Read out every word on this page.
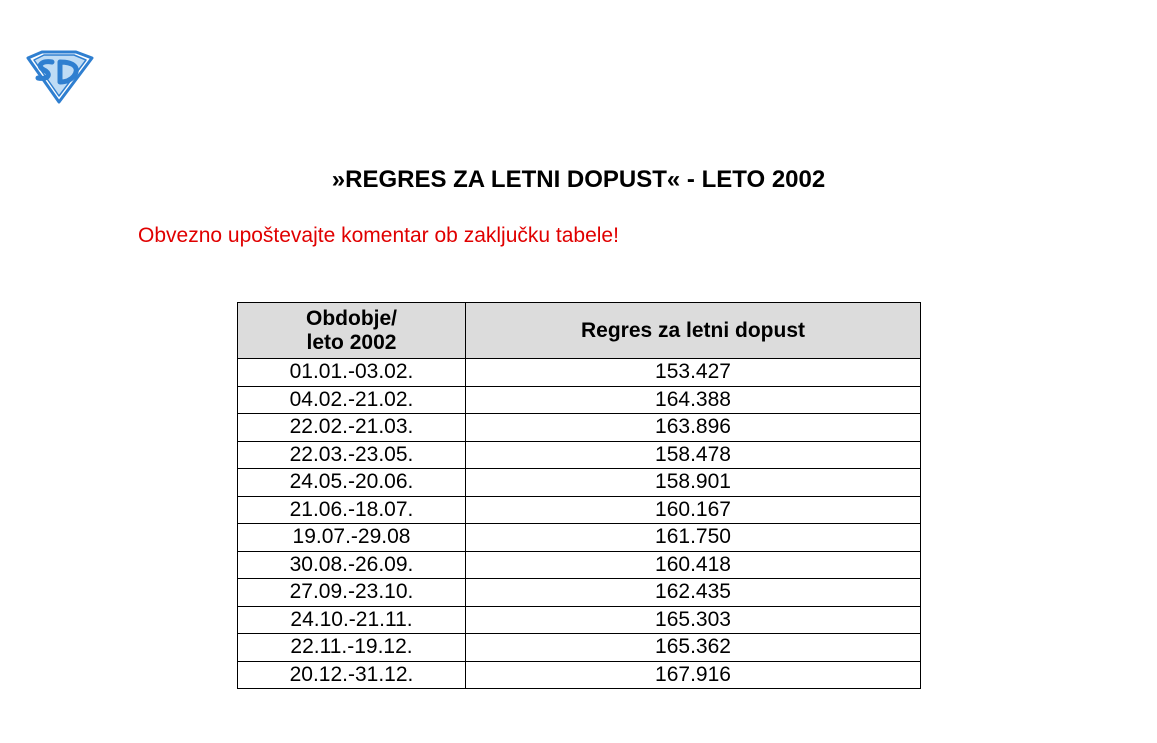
»REGRES ZA LETNI DOPUST« - LETO 2002

Obvezno upoštevajte komentar ob zaključku tabele!

Obdobje/
leto 2002	Regres za letni dopust
01.01.-03.02.	153.427
04.02.-21.02.	164.388
22.02.-21.03.	163.896
22.03.-23.05.	158.478
24.05.-20.06.	158.901
21.06.-18.07.	160.167
19.07.-29.08	161.750
30.08.-26.09.	160.418
27.09.-23.10.	162.435
24.10.-21.11.	165.303
22.11.-19.12.	165.362
20.12.-31.12.	167.916
